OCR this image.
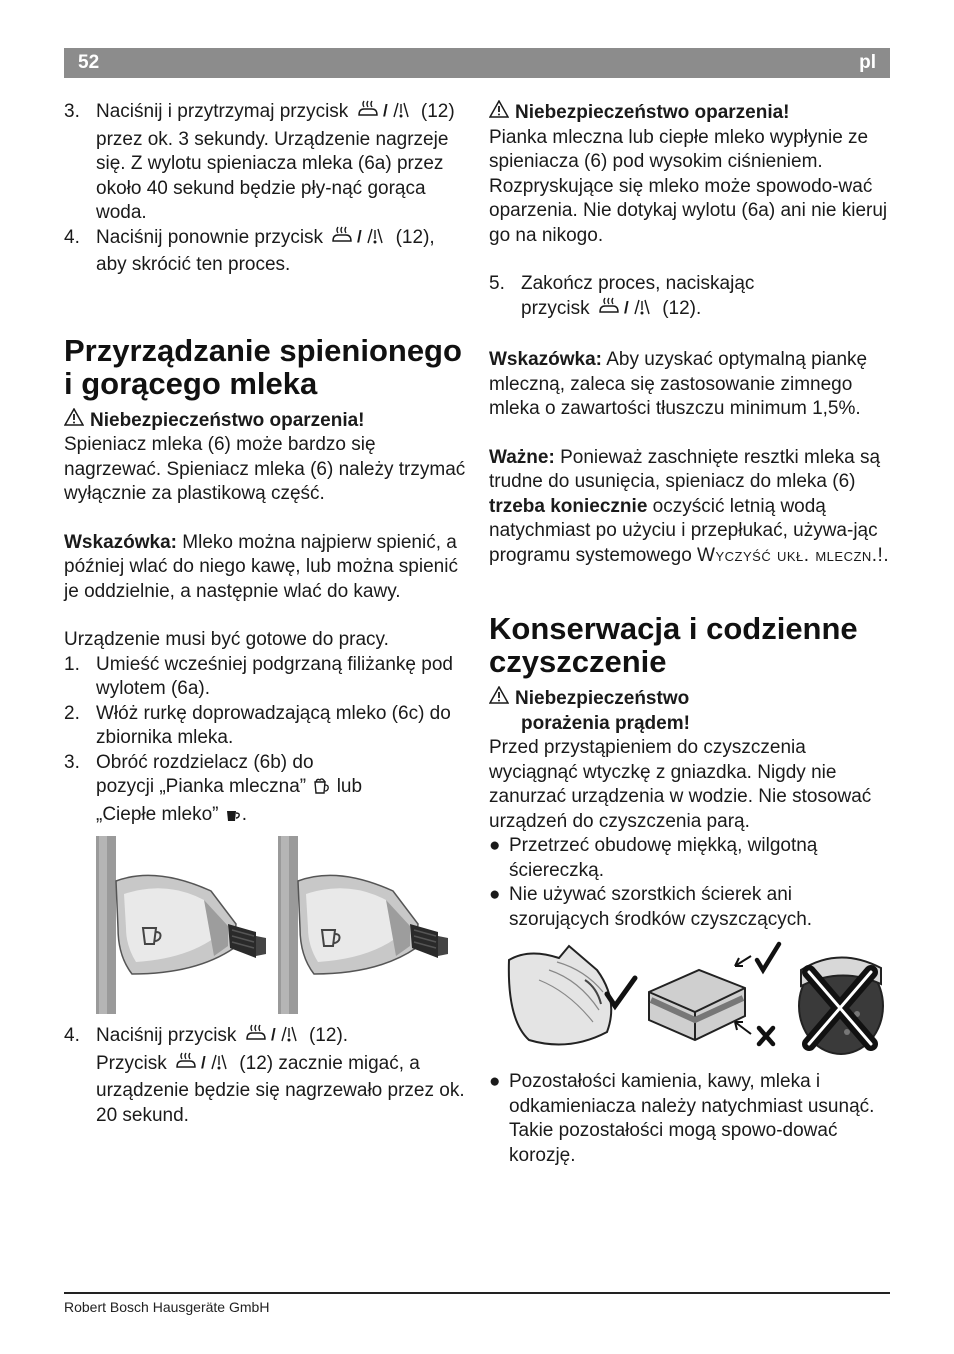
52	pl
3. Naciśnij i przytrzymaj przycisk / (12) przez ok. 3 sekundy. Urządzenie nagrzeje się. Z wylotu spieniacza mleka (6a) przez około 40 sekund będzie pły-nąć gorąca woda.
4. Naciśnij ponownie przycisk / (12), aby skrócić ten proces.
Przyrządzanie spienionego i gorącego mleka

Niebezpieczeństwo oparzenia!

Spieniacz mleka (6) może bardzo się nagrzewać. Spieniacz mleka (6) należy trzymać wyłącznie za plastikową część.

Wskazówka: Mleko można najpierw spienić, a później wlać do niego kawę, lub można spienić je oddzielnie, a następnie wlać do kawy.

Urządzenie musi być gotowe do pracy.

1. Umieść wcześniej podgrzaną filiżankę pod wylotem (6a).
2. Włóż rurkę doprowadzającą mleko (6c) do zbiornika mleka.
3. Obróć rozdzielacz (6b) do
pozycji „Pianka mleczna” lub
„Ciepłe mleko” .
4. Naciśnij przycisk / (12).
Przycisk / (12) zacznie migać, a urządzenie będzie się nagrzewało przez ok. 20 sekund.

Niebezpieczeństwo oparzenia!

Pianka mleczna lub ciepłe mleko wypłynie ze spieniacza (6) pod wysokim ciśnieniem. Rozpryskujące się mleko może spowodo-wać oparzenia. Nie dotykaj wylotu (6a) ani nie kieruj go na nikogo.

5. Zakończ proces, naciskając
przycisk / (12).

Wskazówka: Aby uzyskać optymalną piankę mleczną, zaleca się zastosowanie zimnego mleka o zawartości tłuszczu minimum 1,5%.

Ważne: Ponieważ zaschnięte resztki mleka są trudne do usunięcia, spieniacz do mleka (6) trzeba koniecznie oczyścić letnią wodą natychmiast po użyciu i przepłukać, używa-jąc programu systemowego Wyczyść ukł. mleczn.!.

Konserwacja i codzienne czyszczenie

Niebezpieczeństwo

porażenia prądem!

Przed przystąpieniem do czyszczenia wyciągnąć wtyczkę z gniazdka. Nigdy nie zanurzać urządzenia w wodzie. Nie stosować urządzeń do czyszczenia parą.

● Przetrzeć obudowę miękką, wilgotną ściereczką.
● Nie używać szorstkich ścierek ani szorujących środków czyszczących.
● Pozostałości kamienia, kawy, mleka i odkamieniacza należy natychmiast usunąć. Takie pozostałości mogą spowo-dować korozję.
Robert Bosch Hausgeräte GmbH
